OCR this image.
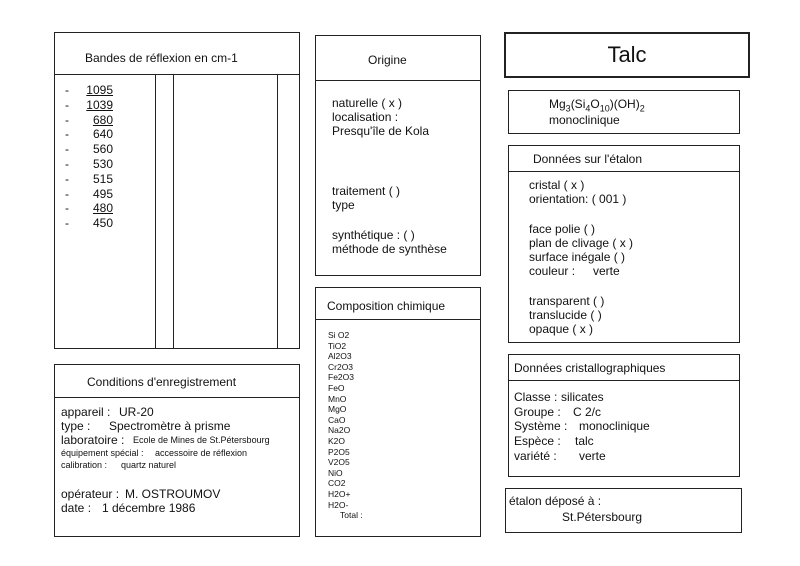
Bandes de réflexion en cm-1
- 1095
- 1039
- 680
- 640
- 560
- 530
- 515
- 495
- 480
- 450
Origine
naturelle ( x )
localisation :
Presqu'île de Kola
traitement ( )
type
synthétique : ( )
méthode de synthèse
Composition chimique
Si O2
TiO2
Al2O3
Cr2O3
Fe2O3
FeO
MnO
MgO
CaO
Na2O
K2O
P2O5
V2O5
NiO
CO2
H2O+
H2O-
Total :
Conditions d'enregistrement
appareil : UR-20
type : Spectromètre à prisme
laboratoire : Ecole de Mines de St.Pétersbourg
équipement spécial : accessoire de réflexion
calibration : quartz naturel
opérateur : M. OSTROUMOV
date : 1 décembre 1986
Talc
$Mg_3(Si_4O_{10})(OH)_2$
monoclinique
Données sur l'étalon
cristal ( x )
orientation: ( 001 )
face polie ( )
plan de clivage ( x )
surface inégale ( )
couleur : verte
transparent ( )
translucide ( )
opaque ( x )
Données cristallographiques
Classe : silicates
Groupe : C 2/c
Système : monoclinique
Espèce : talc
variété : verte
étalon déposé à :
St.Pétersbourg
